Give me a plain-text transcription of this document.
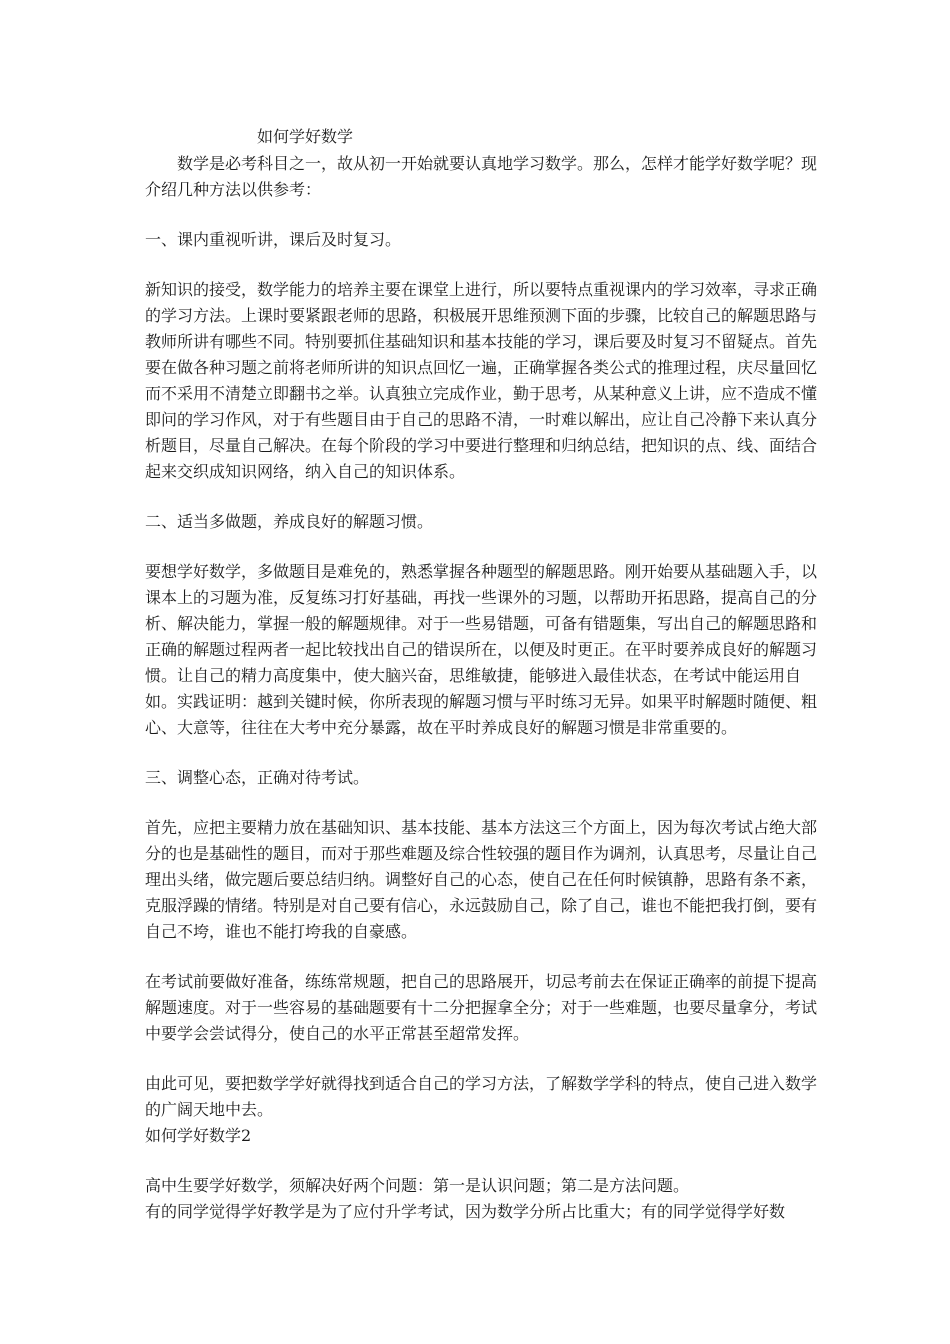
如何学好数学

数学是必考科目之一，故从初一开始就要认真地学习数学。那么，怎样才能学好数学呢？现介绍几种方法以供参考：

一、课内重视听讲，课后及时复习。

新知识的接受，数学能力的培养主要在课堂上进行，所以要特点重视课内的学习效率，寻求正确的学习方法。上课时要紧跟老师的思路，积极展开思维预测下面的步骤，比较自己的解题思路与教师所讲有哪些不同。特别要抓住基础知识和基本技能的学习，课后要及时复习不留疑点。首先要在做各种习题之前将老师所讲的知识点回忆一遍，正确掌握各类公式的推理过程，庆尽量回忆而不采用不清楚立即翻书之举。认真独立完成作业，勤于思考，从某种意义上讲，应不造成不懂即问的学习作风，对于有些题目由于自己的思路不清，一时难以解出，应让自己冷静下来认真分析题目，尽量自己解决。在每个阶段的学习中要进行整理和归纳总结，把知识的点、线、面结合起来交织成知识网络，纳入自己的知识体系。

二、适当多做题，养成良好的解题习惯。

要想学好数学，多做题目是难免的，熟悉掌握各种题型的解题思路。刚开始要从基础题入手，以课本上的习题为准，反复练习打好基础，再找一些课外的习题，以帮助开拓思路，提高自己的分析、解决能力，掌握一般的解题规律。对于一些易错题，可备有错题集，写出自己的解题思路和正确的解题过程两者一起比较找出自己的错误所在，以便及时更正。在平时要养成良好的解题习惯。让自己的精力高度集中，使大脑兴奋，思维敏捷，能够进入最佳状态，在考试中能运用自如。实践证明：越到关键时候，你所表现的解题习惯与平时练习无异。如果平时解题时随便、粗心、大意等，往往在大考中充分暴露，故在平时养成良好的解题习惯是非常重要的。

三、调整心态，正确对待考试。

首先，应把主要精力放在基础知识、基本技能、基本方法这三个方面上，因为每次考试占绝大部分的也是基础性的题目，而对于那些难题及综合性较强的题目作为调剂，认真思考，尽量让自己理出头绪，做完题后要总结归纳。调整好自己的心态，使自己在任何时候镇静，思路有条不紊，克服浮躁的情绪。特别是对自己要有信心，永远鼓励自己，除了自己，谁也不能把我打倒，要有自己不垮，谁也不能打垮我的自豪感。

在考试前要做好准备，练练常规题，把自己的思路展开，切忌考前去在保证正确率的前提下提高解题速度。对于一些容易的基础题要有十二分把握拿全分；对于一些难题，也要尽量拿分，考试中要学会尝试得分，使自己的水平正常甚至超常发挥。

由此可见，要把数学学好就得找到适合自己的学习方法，了解数学学科的特点，使自己进入数学的广阔天地中去。

如何学好数学2

高中生要学好数学，须解决好两个问题：第一是认识问题；第二是方法问题。

有的同学觉得学好教学是为了应付升学考试，因为数学分所占比重大；有的同学觉得学好数
